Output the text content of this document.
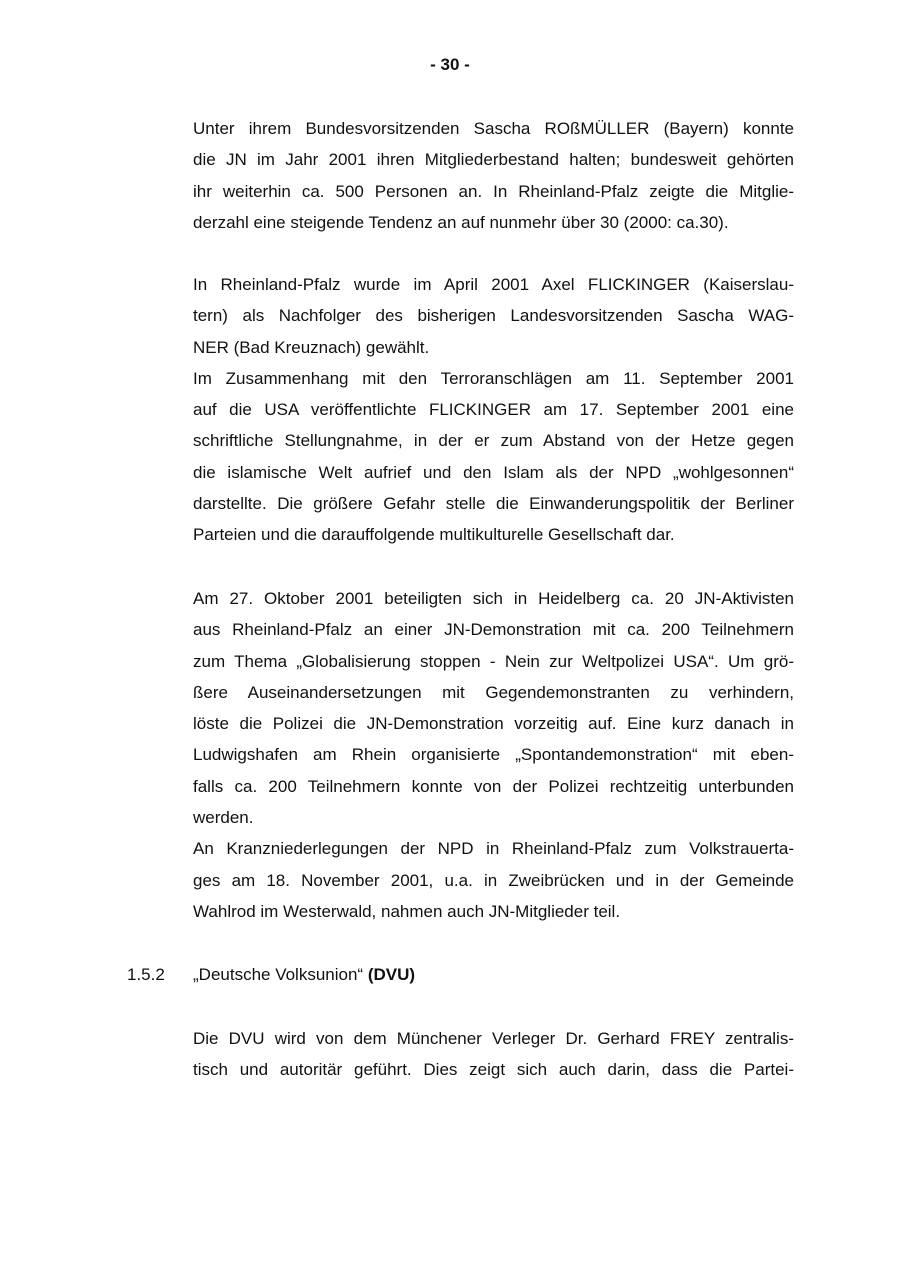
- 30 -

Unter ihrem Bundesvorsitzenden Sascha ROßMÜLLER (Bayern) konnte
die JN im Jahr 2001 ihren Mitgliederbestand halten; bundesweit gehörten
ihr weiterhin ca. 500 Personen an. In Rheinland-Pfalz zeigte die Mitglie-
derzahl eine steigende Tendenz an auf nunmehr über 30 (2000: ca.30).

In Rheinland-Pfalz wurde im April 2001 Axel FLICKINGER (Kaiserslau-
tern) als Nachfolger des bisherigen Landesvorsitzenden Sascha WAG-
NER (Bad Kreuznach) gewählt.
Im Zusammenhang mit den Terroranschlägen am 11. September 2001
auf die USA veröffentlichte FLICKINGER am 17. September 2001 eine
schriftliche Stellungnahme, in der er zum Abstand von der Hetze gegen
die islamische Welt aufrief und den Islam als der NPD „wohlgesonnen“
darstellte. Die größere Gefahr stelle die Einwanderungspolitik der Berliner
Parteien und die darauffolgende multikulturelle Gesellschaft dar.

Am 27. Oktober 2001 beteiligten sich in Heidelberg ca. 20 JN-Aktivisten
aus Rheinland-Pfalz an einer JN-Demonstration mit ca. 200 Teilnehmern
zum Thema „Globalisierung stoppen - Nein zur Weltpolizei USA“. Um grö-
ßere Auseinandersetzungen mit Gegendemonstranten zu verhindern,
löste die Polizei die JN-Demonstration vorzeitig auf. Eine kurz danach in
Ludwigshafen am Rhein organisierte „Spontandemonstration“ mit eben-
falls ca. 200 Teilnehmern konnte von der Polizei rechtzeitig unterbunden
werden.
An Kranzniederlegungen der NPD in Rheinland-Pfalz zum Volkstrauerta-
ges am 18. November 2001, u.a. in Zweibrücken und in der Gemeinde
Wahlrod im Westerwald, nahmen auch JN-Mitglieder teil.

1.5.2 „Deutsche Volksunion“ (DVU)

Die DVU wird von dem Münchener Verleger Dr. Gerhard FREY zentralis-
tisch und autoritär geführt. Dies zeigt sich auch darin, dass die Partei-
